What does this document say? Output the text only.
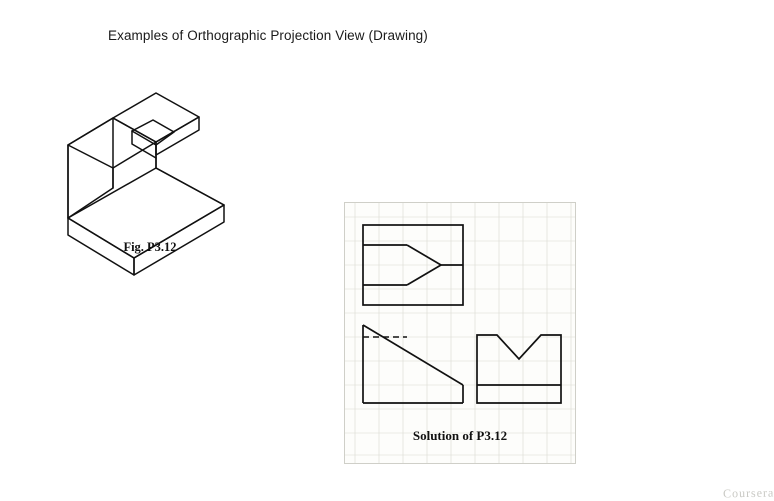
Examples of Orthographic Projection View (Drawing)
Fig. P3.12
Coursera
Solution of P3.12
